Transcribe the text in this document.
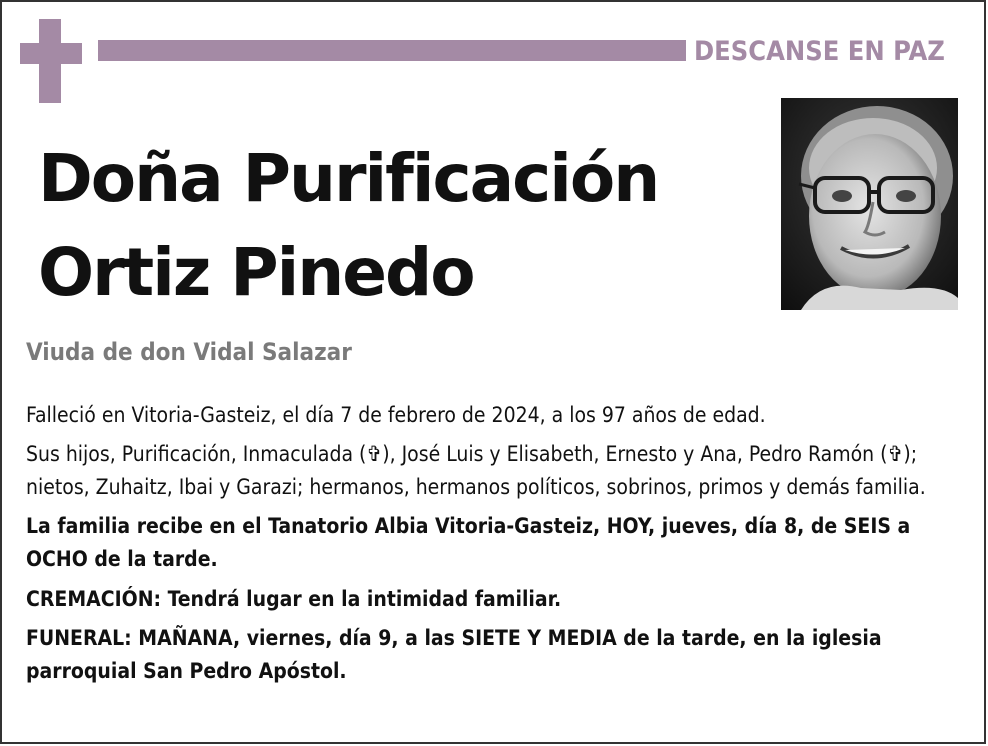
DESCANSE EN PAZ
Doña Purificación
Ortiz Pinedo
Viuda de don Vidal Salazar

Falleció en Vitoria-Gasteiz, el día 7 de febrero de 2024, a los 97 años de edad.

Sus hijos, Purificación, Inmaculada (✞), José Luis y Elisabeth, Ernesto y Ana, Pedro Ramón (✞); nietos, Zuhaitz, Ibai y Garazi; hermanos, hermanos políticos, sobrinos, primos y demás familia.

La familia recibe en el Tanatorio Albia Vitoria-Gasteiz, HOY, jueves, día 8, de SEIS a OCHO de la tarde.

CREMACIÓN: Tendrá lugar en la intimidad familiar.

FUNERAL: MAÑANA, viernes, día 9, a las SIETE Y MEDIA de la tarde, en la iglesia parroquial San Pedro Apóstol.
